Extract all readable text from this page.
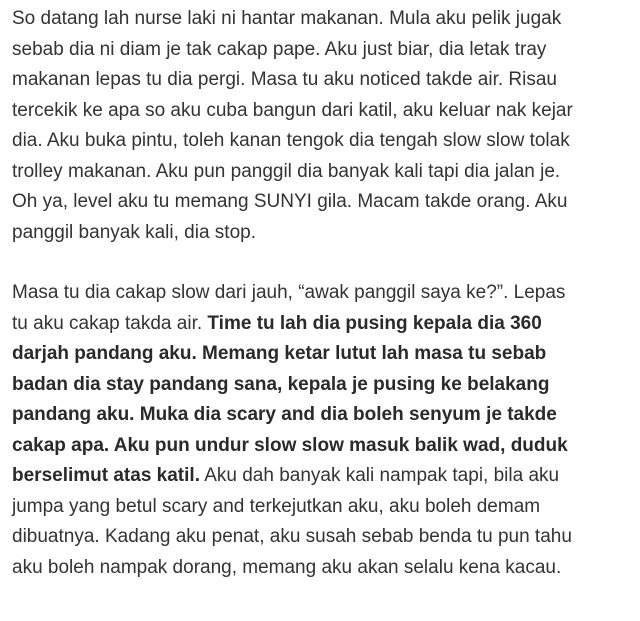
So datang lah nurse laki ni hantar makanan. Mula aku pelik jugak
sebab dia ni diam je tak cakap pape. Aku just biar, dia letak tray
makanan lepas tu dia pergi. Masa tu aku noticed takde air. Risau
tercekik ke apa so aku cuba bangun dari katil, aku keluar nak kejar
dia. Aku buka pintu, toleh kanan tengok dia tengah slow slow tolak
trolley makanan. Aku pun panggil dia banyak kali tapi dia jalan je.
Oh ya, level aku tu memang SUNYI gila. Macam takde orang. Aku
panggil banyak kali, dia stop.

Masa tu dia cakap slow dari jauh, “awak panggil saya ke?”. Lepas
tu aku cakap takda air. Time tu lah dia pusing kepala dia 360
darjah pandang aku. Memang ketar lutut lah masa tu sebab
badan dia stay pandang sana, kepala je pusing ke belakang
pandang aku. Muka dia scary and dia boleh senyum je takde
cakap apa. Aku pun undur slow slow masuk balik wad, duduk
berselimut atas katil. Aku dah banyak kali nampak tapi, bila aku
jumpa yang betul scary and terkejutkan aku, aku boleh demam
dibuatnya. Kadang aku penat, aku susah sebab benda tu pun tahu
aku boleh nampak dorang, memang aku akan selalu kena kacau.
